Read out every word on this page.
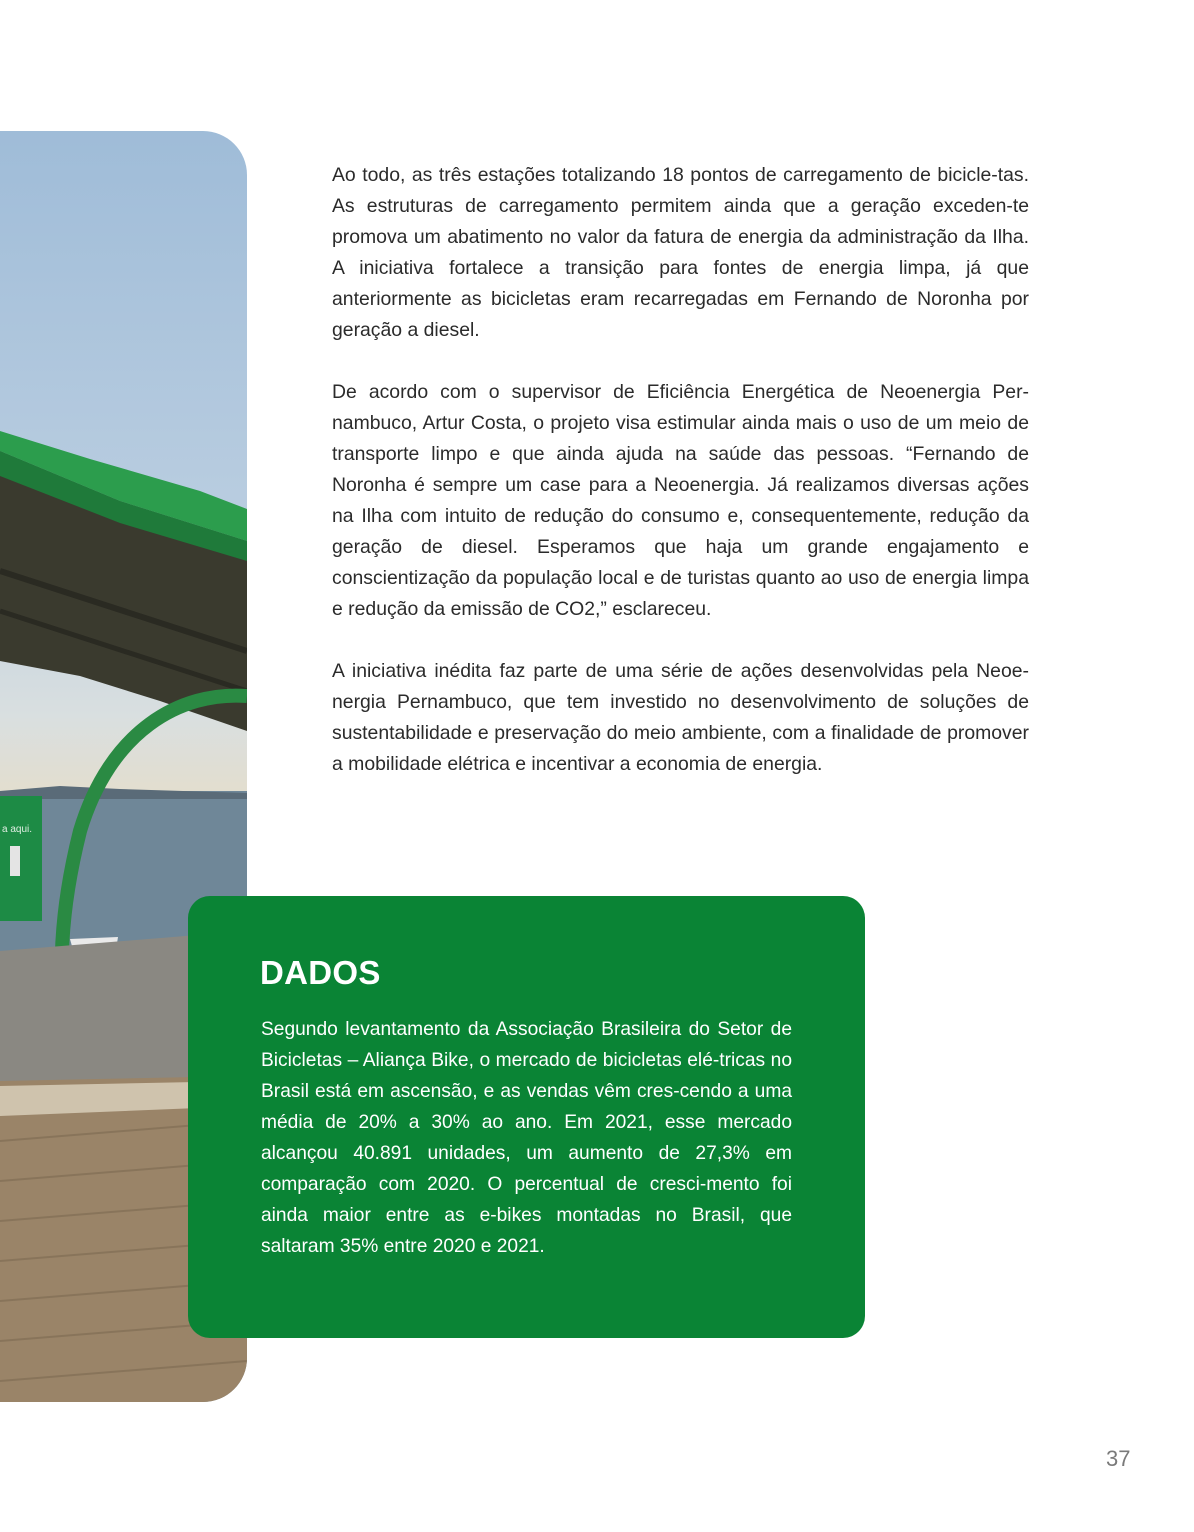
a aqui.

Ao todo, as três estações totalizando 18 pontos de carregamento de bicicle-tas. As estruturas de carregamento permitem ainda que a geração exceden-te promova um abatimento no valor da fatura de energia da administração da Ilha. A iniciativa fortalece a transição para fontes de energia limpa, já que anteriormente as bicicletas eram recarregadas em Fernando de Noronha por geração a diesel.

De acordo com o supervisor de Eficiência Energética de Neoenergia Per-nambuco, Artur Costa, o projeto visa estimular ainda mais o uso de um meio de transporte limpo e que ainda ajuda na saúde das pessoas. “Fernando de Noronha é sempre um case para a Neoenergia. Já realizamos diversas ações na Ilha com intuito de redução do consumo e, consequentemente, redução da geração de diesel. Esperamos que haja um grande engajamento e conscientização da população local e de turistas quanto ao uso de energia limpa e redução da emissão de CO2,” esclareceu.

A iniciativa inédita faz parte de uma série de ações desenvolvidas pela Neoe-nergia Pernambuco, que tem investido no desenvolvimento de soluções de sustentabilidade e preservação do meio ambiente, com a finalidade de promover a mobilidade elétrica e incentivar a economia de energia.

DADOS

Segundo levantamento da Associação Brasileira do Setor de Bicicletas – Aliança Bike, o mercado de bicicletas elé-tricas no Brasil está em ascensão, e as vendas vêm cres-cendo a uma média de 20% a 30% ao ano. Em 2021, esse mercado alcançou 40.891 unidades, um aumento de 27,3% em comparação com 2020. O percentual de cresci-mento foi ainda maior entre as e-bikes montadas no Brasil, que saltaram 35% entre 2020 e 2021.

37
